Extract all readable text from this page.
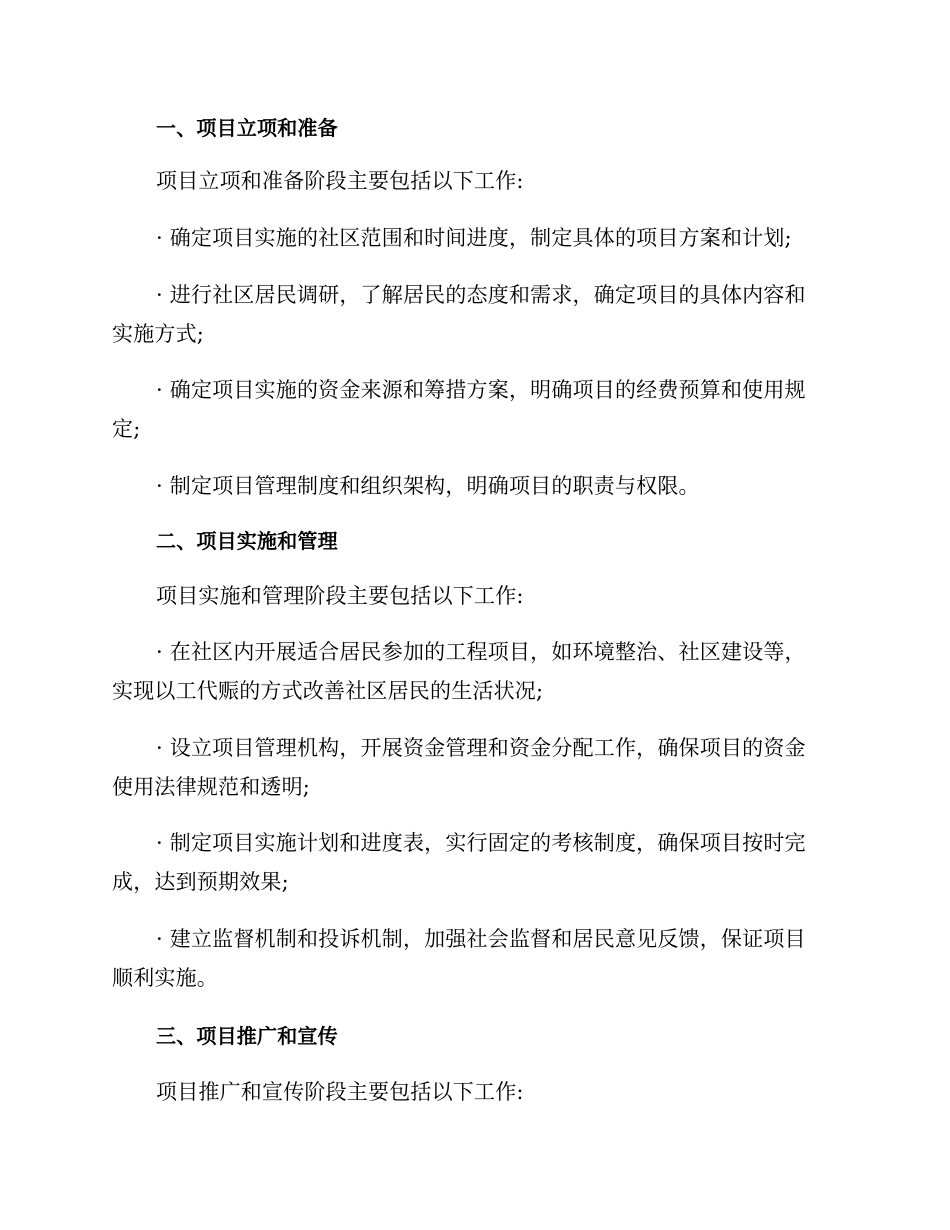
一、项目立项和准备
项目立项和准备阶段主要包括以下工作:
· 确定项目实施的社区范围和时间进度，制定具体的项目方案和计划;
· 进行社区居民调研，了解居民的态度和需求，确定项目的具体内容和
实施方式;
· 确定项目实施的资金来源和筹措方案，明确项目的经费预算和使用规
定;
· 制定项目管理制度和组织架构，明确项目的职责与权限。
二、项目实施和管理
项目实施和管理阶段主要包括以下工作:
· 在社区内开展适合居民参加的工程项目，如环境整治、社区建设等，
实现以工代赈的方式改善社区居民的生活状况;
· 设立项目管理机构，开展资金管理和资金分配工作，确保项目的资金
使用法律规范和透明;
· 制定项目实施计划和进度表，实行固定的考核制度，确保项目按时完
成，达到预期效果;
· 建立监督机制和投诉机制，加强社会监督和居民意见反馈，保证项目
顺利实施。
三、项目推广和宣传
项目推广和宣传阶段主要包括以下工作:
